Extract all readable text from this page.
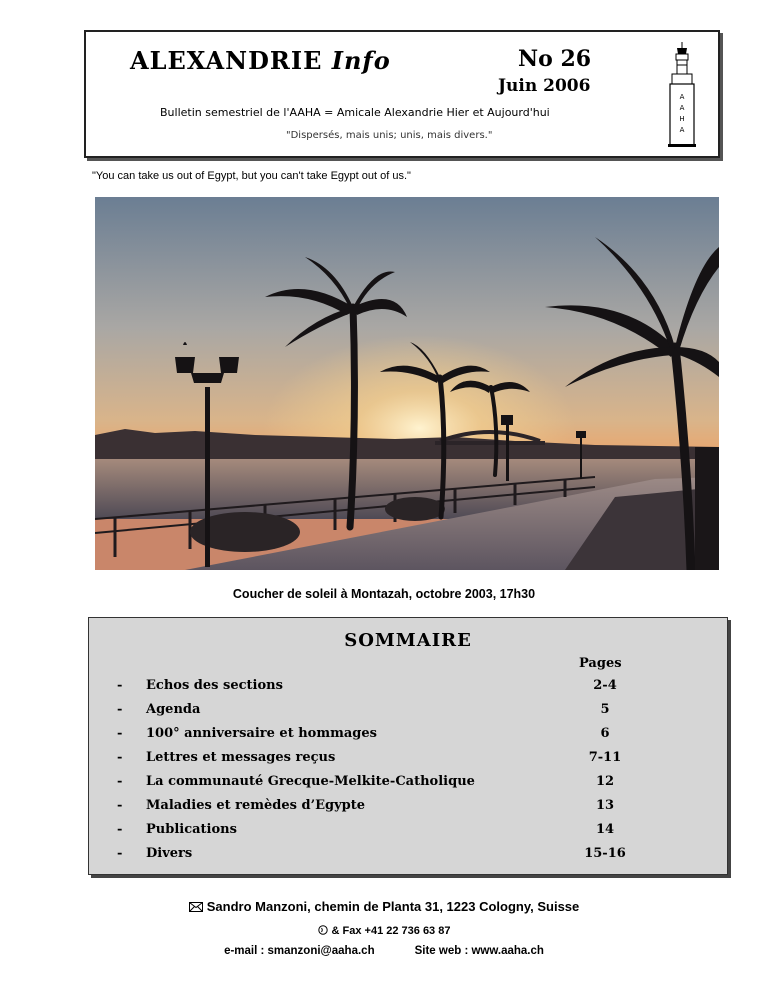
ALEXANDRIE Info	No 26
Juin 2006
Bulletin semestriel de l'AAHA = Amicale Alexandrie Hier et Aujourd'hui
"Dispersés, mais unis; unis, mais divers."
A A H A
"You can take us out of Egypt, but you can't take Egypt out of us."
Coucher de soleil à Montazah, octobre 2003, 17h30
SOMMAIRE
Pages
- Echos des sections	2-4
- Agenda	5
- 100° anniversaire et hommages	6
- Lettres et messages reçus	7-11
- La communauté Grecque-Melkite-Catholique	12
- Maladies et remèdes d’Egypte	13
- Publications	14
- Divers	15-16
Sandro Manzoni, chemin de Planta 31, 1223 Cologny, Suisse
& Fax +41 22 736 63 87
e-mail : smanzoni@aaha.ch	Site web : www.aaha.ch
